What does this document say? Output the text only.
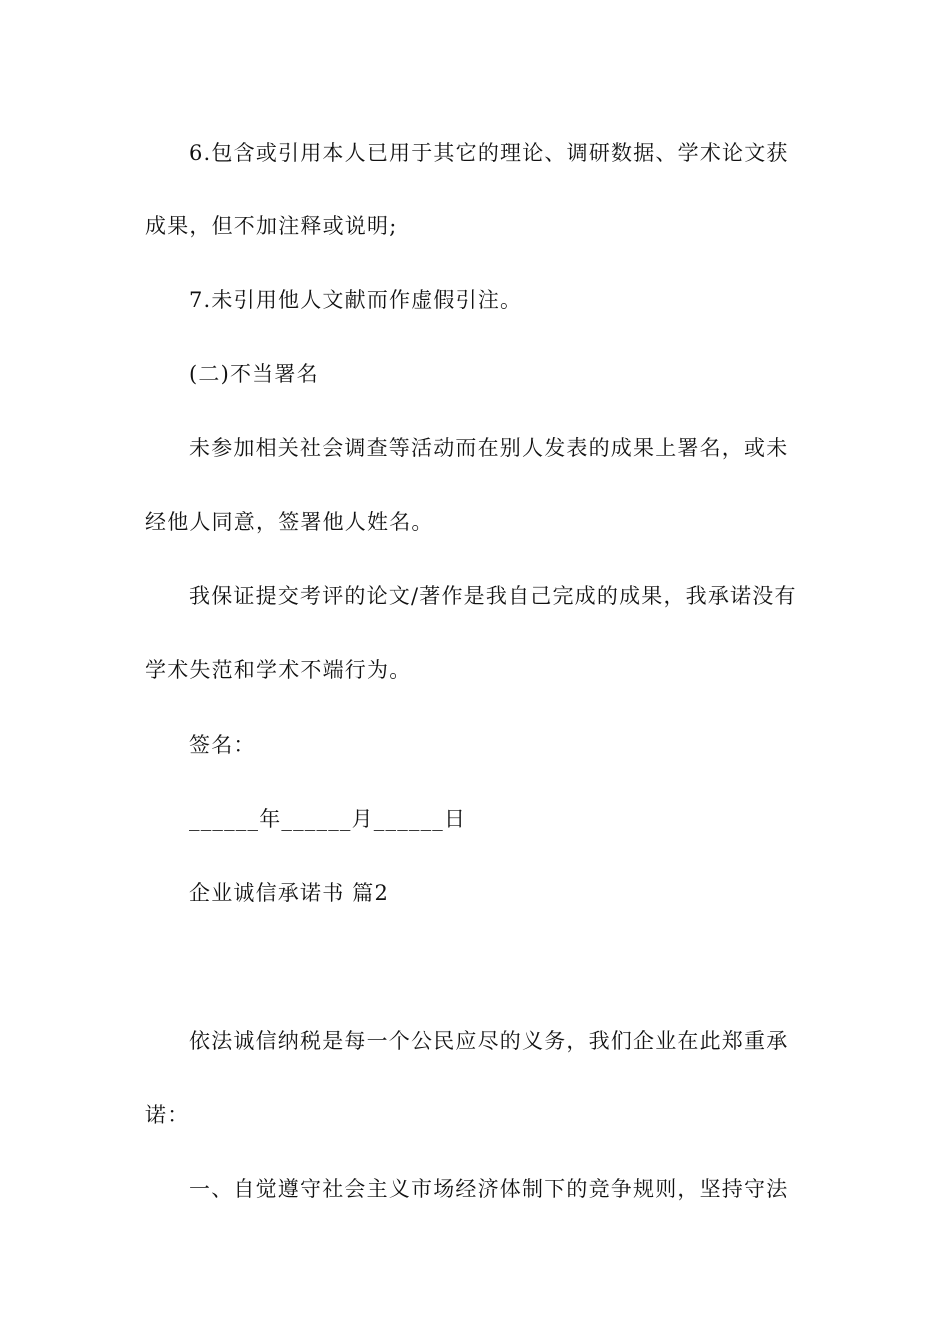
6.包含或引用本人已用于其它的理论、调研数据、学术论文获
成果，但不加注释或说明;
7.未引用他人文献而作虚假引注。
(二)不当署名
未参加相关社会调查等活动而在别人发表的成果上署名，或未
经他人同意，签署他人姓名。
我保证提交考评的论文/著作是我自己完成的成果，我承诺没有
学术失范和学术不端行为。
签名：
______年______月______日
企业诚信承诺书 篇2
依法诚信纳税是每一个公民应尽的义务，我们企业在此郑重承
诺：
一、自觉遵守社会主义市场经济体制下的竞争规则，坚持守法
